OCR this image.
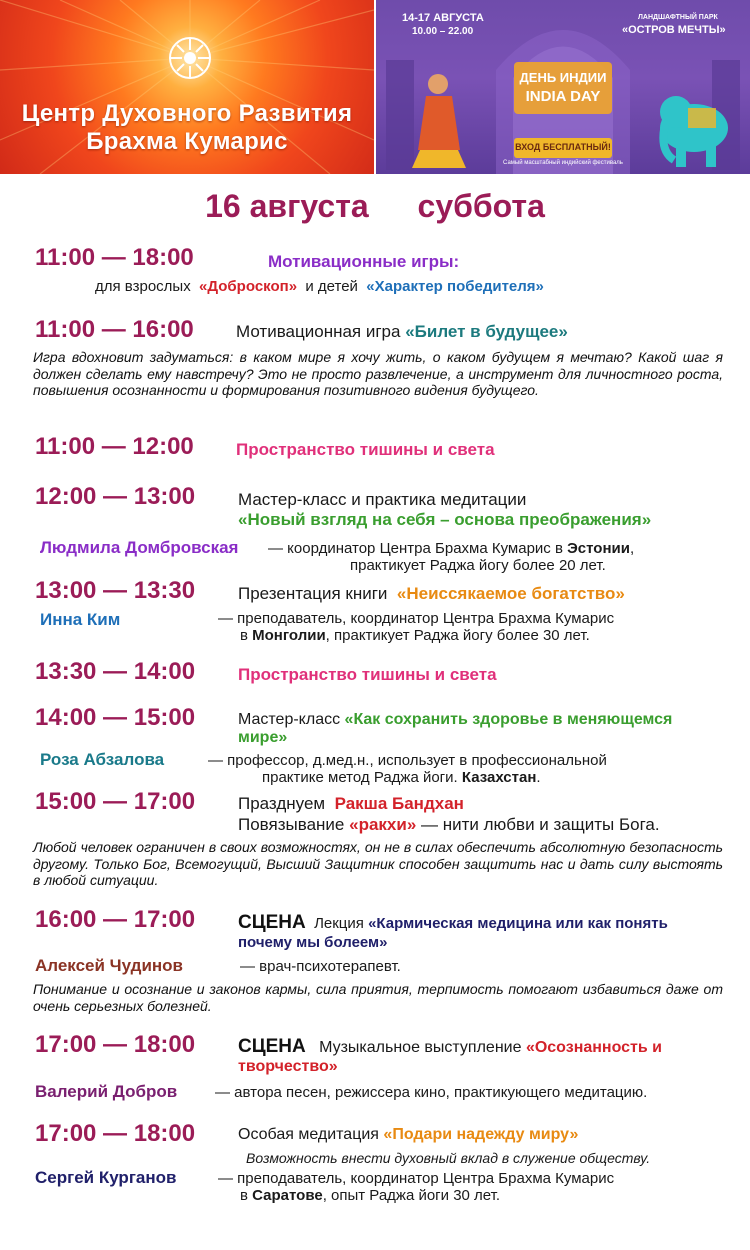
Центр Духовного Развития
Брахма Кумарис
14-17 АВГУСТА
10.00 – 22.00
ЛАНДШАФТНЫЙ ПАРК
«ОСТРОВ МЕЧТЫ»
ДЕНЬ ИНДИИ
INDIA DAY
ВХОД БЕСПЛАТНЫЙ!
Самый масштабный индийский фестиваль
16 августа суббота
11:00 — 18:00	Мотивационные игры:
для взрослых «Доброскоп» и детей «Характер победителя»
11:00 — 16:00 Мотивационная игра «Билет в будущее»
Игра вдохновит задуматься: в каком мире я хочу жить, о каком будущем я мечтаю? Какой шаг я должен сделать ему навстречу? Это не просто развлечение, а инструмент для личностного роста, повышения осознанности и формирования позитивного видения будущего.
11:00 — 12:00 Пространство тишины и света
12:00 — 13:00	Мастер-класс и практика медитации
«Новый взгляд на себя – основа преображения»
Людмила Домбровская — координатор Центра Брахма Кумарис в Эстонии,
практикует Раджа йогу более 20 лет.
13:00 — 13:30	Презентация книги «Неиссякаемое богатство»
Инна Ким	— преподаватель, координатор Центра Брахма Кумарис
в Монголии, практикует Раджа йогу более 30 лет.
13:30 — 14:00	Пространство тишины и света
14:00 — 15:00	Мастер-класс «Как сохранить здоровье в меняющемся
мире»
Роза Абзалова	— профессор, д.мед.н., использует в профессиональной
практике метод Раджа йоги. Казахстан.
15:00 — 17:00	Празднуем Ракша Бандхан
Повязывание «ракхи» — нити любви и защиты Бога.
Любой человек ограничен в своих возможностях, он не в силах обеспечить абсолютную безопасность другому. Только Бог, Всемогущий, Высший Защитник способен защитить нас и дать силу выстоять в любой ситуации.
16:00 — 17:00 СЦЕНА Лекция «Кармическая медицина или как понять
почему мы болеем»
Алексей Чудинов	— врач-психотерапевт.
Понимание и осознание и законов кармы, сила приятия, терпимость помогают избавиться даже от очень серьезных болезней.
17:00 — 18:00 СЦЕНА Музыкальное выступление «Осознанность и
творчество»
Валерий Добров	— автора песен, режиссера кино, практикующего медитацию.
17:00 — 18:00	Особая медитация «Подари надежду миру»
Возможность внести духовный вклад в служение обществу.
Сергей Курганов	— преподаватель, координатор Центра Брахма Кумарис
в Саратове, опыт Раджа йоги 30 лет.
